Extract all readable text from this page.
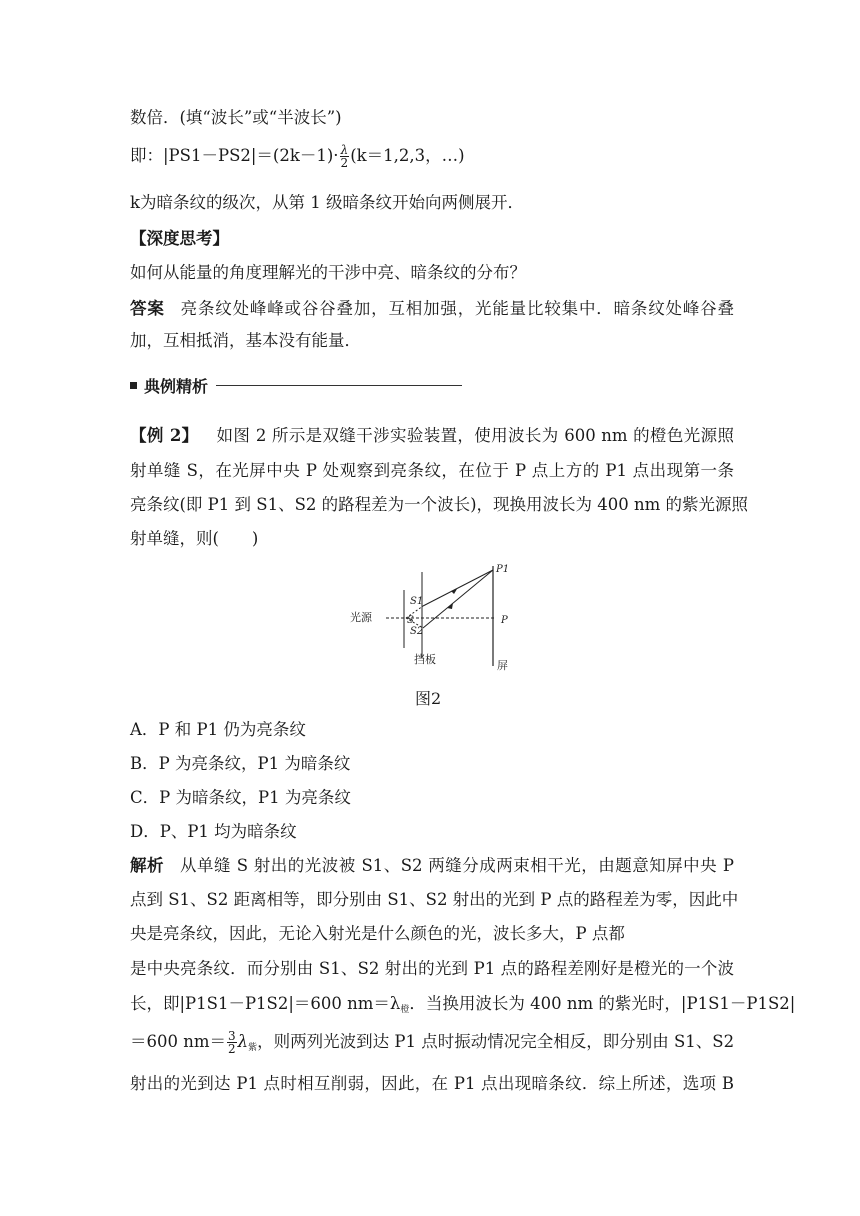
数倍．(填“波长”或“半波长”)
即：$|PS1-PS2|=(2k-1)\cdot \frac{\lambda}{2} (k=1,2,3$，…)
k为暗条纹的级次，从第 1 级暗条纹开始向两侧展开．
【深度思考】
如何从能量的角度理解光的干涉中亮、暗条纹的分布？
答案 亮条纹处峰峰或谷谷叠加，互相加强，光能量比较集中．暗条纹处峰谷叠
加，互相抵消，基本没有能量．
典例精析
【例 2】 如图 2 所示是双缝干涉实验装置，使用波长为 600 nm 的橙色光源照
射单缝 S，在光屏中央 P 处观察到亮条纹，在位于 P 点上方的 P1 点出现第一条
亮条纹(即 P1 到 S1、S2 的路程差为一个波长)，现换用波长为 400 nm 的紫光源照
射单缝，则(　　)
光源	S
S1
S2
P1
P
挡板	屏
图2
A．P 和 P1 仍为亮条纹
B．P 为亮条纹，P1 为暗条纹
C．P 为暗条纹，P1 为亮条纹
D．P、P1 均为暗条纹
解析 从单缝 S 射出的光波被 S1、S2 两缝分成两束相干光，由题意知屏中央 P
点到 S1、S2 距离相等，即分别由 S1、S2 射出的光到 P 点的路程差为零，因此中
央是亮条纹，因此，无论入射光是什么颜色的光，波长多大，P 点都
是中央亮条纹．而分别由 S1、S2 射出的光到 P1 点的路程差刚好是橙光的一个波
长，即|P1S1－P1S2|＝600 nm＝λ橙．当换用波长为 400 nm 的紫光时，|P1S1－P1S2|
＝600 $nm= \frac{3}{2}$ λ紫，则两列光波到达 P1 点时振动情况完全相反，即分别由 S1、S2
射出的光到达 P1 点时相互削弱，因此，在 P1 点出现暗条纹．综上所述，选项 B
